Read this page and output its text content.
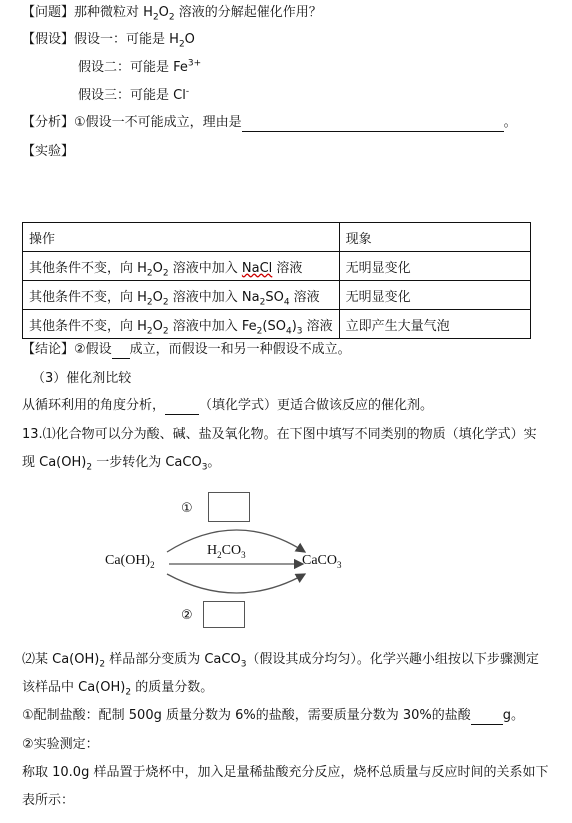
【问题】那种微粒对 $H_2O_2$ 溶液的分解起催化作用？
【假设】假设一：可能是 $H_2O$
假设二：可能是 $Fe^{3+}$
假设三：可能是 Cl-
【分析】①假设一不可能成立，理由是	。
【实验】
操作	现象
其他条件不变，向 $H_2O_2$ 溶液中加入 NaCl 溶液	无明显变化
其他条件不变，向 $H_2O_2$ 溶液中加入 $Na_2SO_4$ 溶液	无明显变化
其他条件不变，向 $H_2O_2$ 溶液中加入 $Fe_2(SO_4)_3$ 溶液	立即产生大量气泡
【结论】②假设 成立，而假设一和另一种假设不成立。
（3）催化剂比较
从循环利用的角度分析，	（填化学式）更适合做该反应的催化剂。
13.⑴化合物可以分为酸、碱、盐及氧化物。在下图中填写不同类别的物质（填化学式）实
现 $Ca(OH)_2$ 一步转化为 CaCO$_3$。
①
②
$Ca(OH)_2$
$H_2CO_3$	CaCO$_3$
⑵某 $Ca(OH)_2$ 样品部分变质为 CaCO$_3$（假设其成分均匀）。化学兴趣小组按以下步骤测定
该样品中 $Ca(OH)_2$ 的质量分数。
①配制盐酸：配制 500g 质量分数为 6%的盐酸，需要质量分数为 30%的盐酸 g。
②实验测定：
称取 10.0g 样品置于烧杯中，加入足量稀盐酸充分反应，烧杯总质量与反应时间的关系如下
表所示：
